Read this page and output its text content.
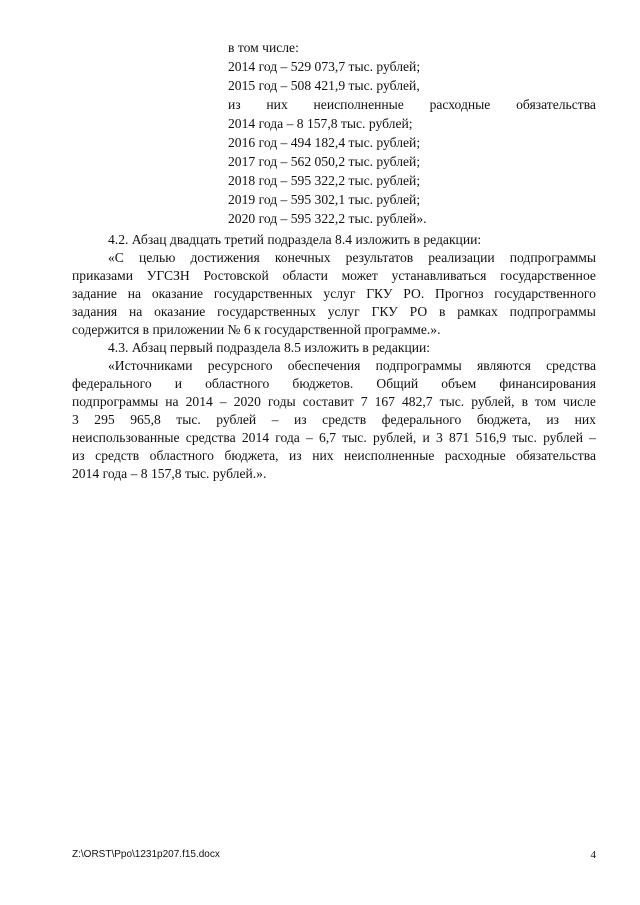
в том числе:
2014 год – 529 073,7 тыс. рублей;
2015 год – 508 421,9 тыс. рублей,
из них неисполненные расходные обязательства
2014 года – 8 157,8 тыс. рублей;
2016 год – 494 182,4 тыс. рублей;
2017 год – 562 050,2 тыс. рублей;
2018 год – 595 322,2 тыс. рублей;
2019 год – 595 302,1 тыс. рублей;
2020 год – 595 322,2 тыс. рублей».
4.2. Абзац двадцать третий подраздела 8.4 изложить в редакции:
«С целью достижения конечных результатов реализации подпрограммы
приказами УГСЗН Ростовской области может устанавливаться государственное
задание на оказание государственных услуг ГКУ РО. Прогноз государственного
задания на оказание государственных услуг ГКУ РО в рамках подпрограммы
содержится в приложении № 6 к государственной программе.».
4.3. Абзац первый подраздела 8.5 изложить в редакции:
«Источниками ресурсного обеспечения подпрограммы являются средства
федерального и областного бюджетов. Общий объем финансирования
подпрограммы на 2014 – 2020 годы составит 7 167 482,7 тыс. рублей, в том числе
3 295 965,8 тыс. рублей – из средств федерального бюджета, из них
неиспользованные средства 2014 года – 6,7 тыс. рублей, и 3 871 516,9 тыс. рублей –
из средств областного бюджета, из них неисполненные расходные обязательства
2014 года – 8 157,8 тыс. рублей.».
Z:\ORST\Ppo\1231p207.f15.docx	4
